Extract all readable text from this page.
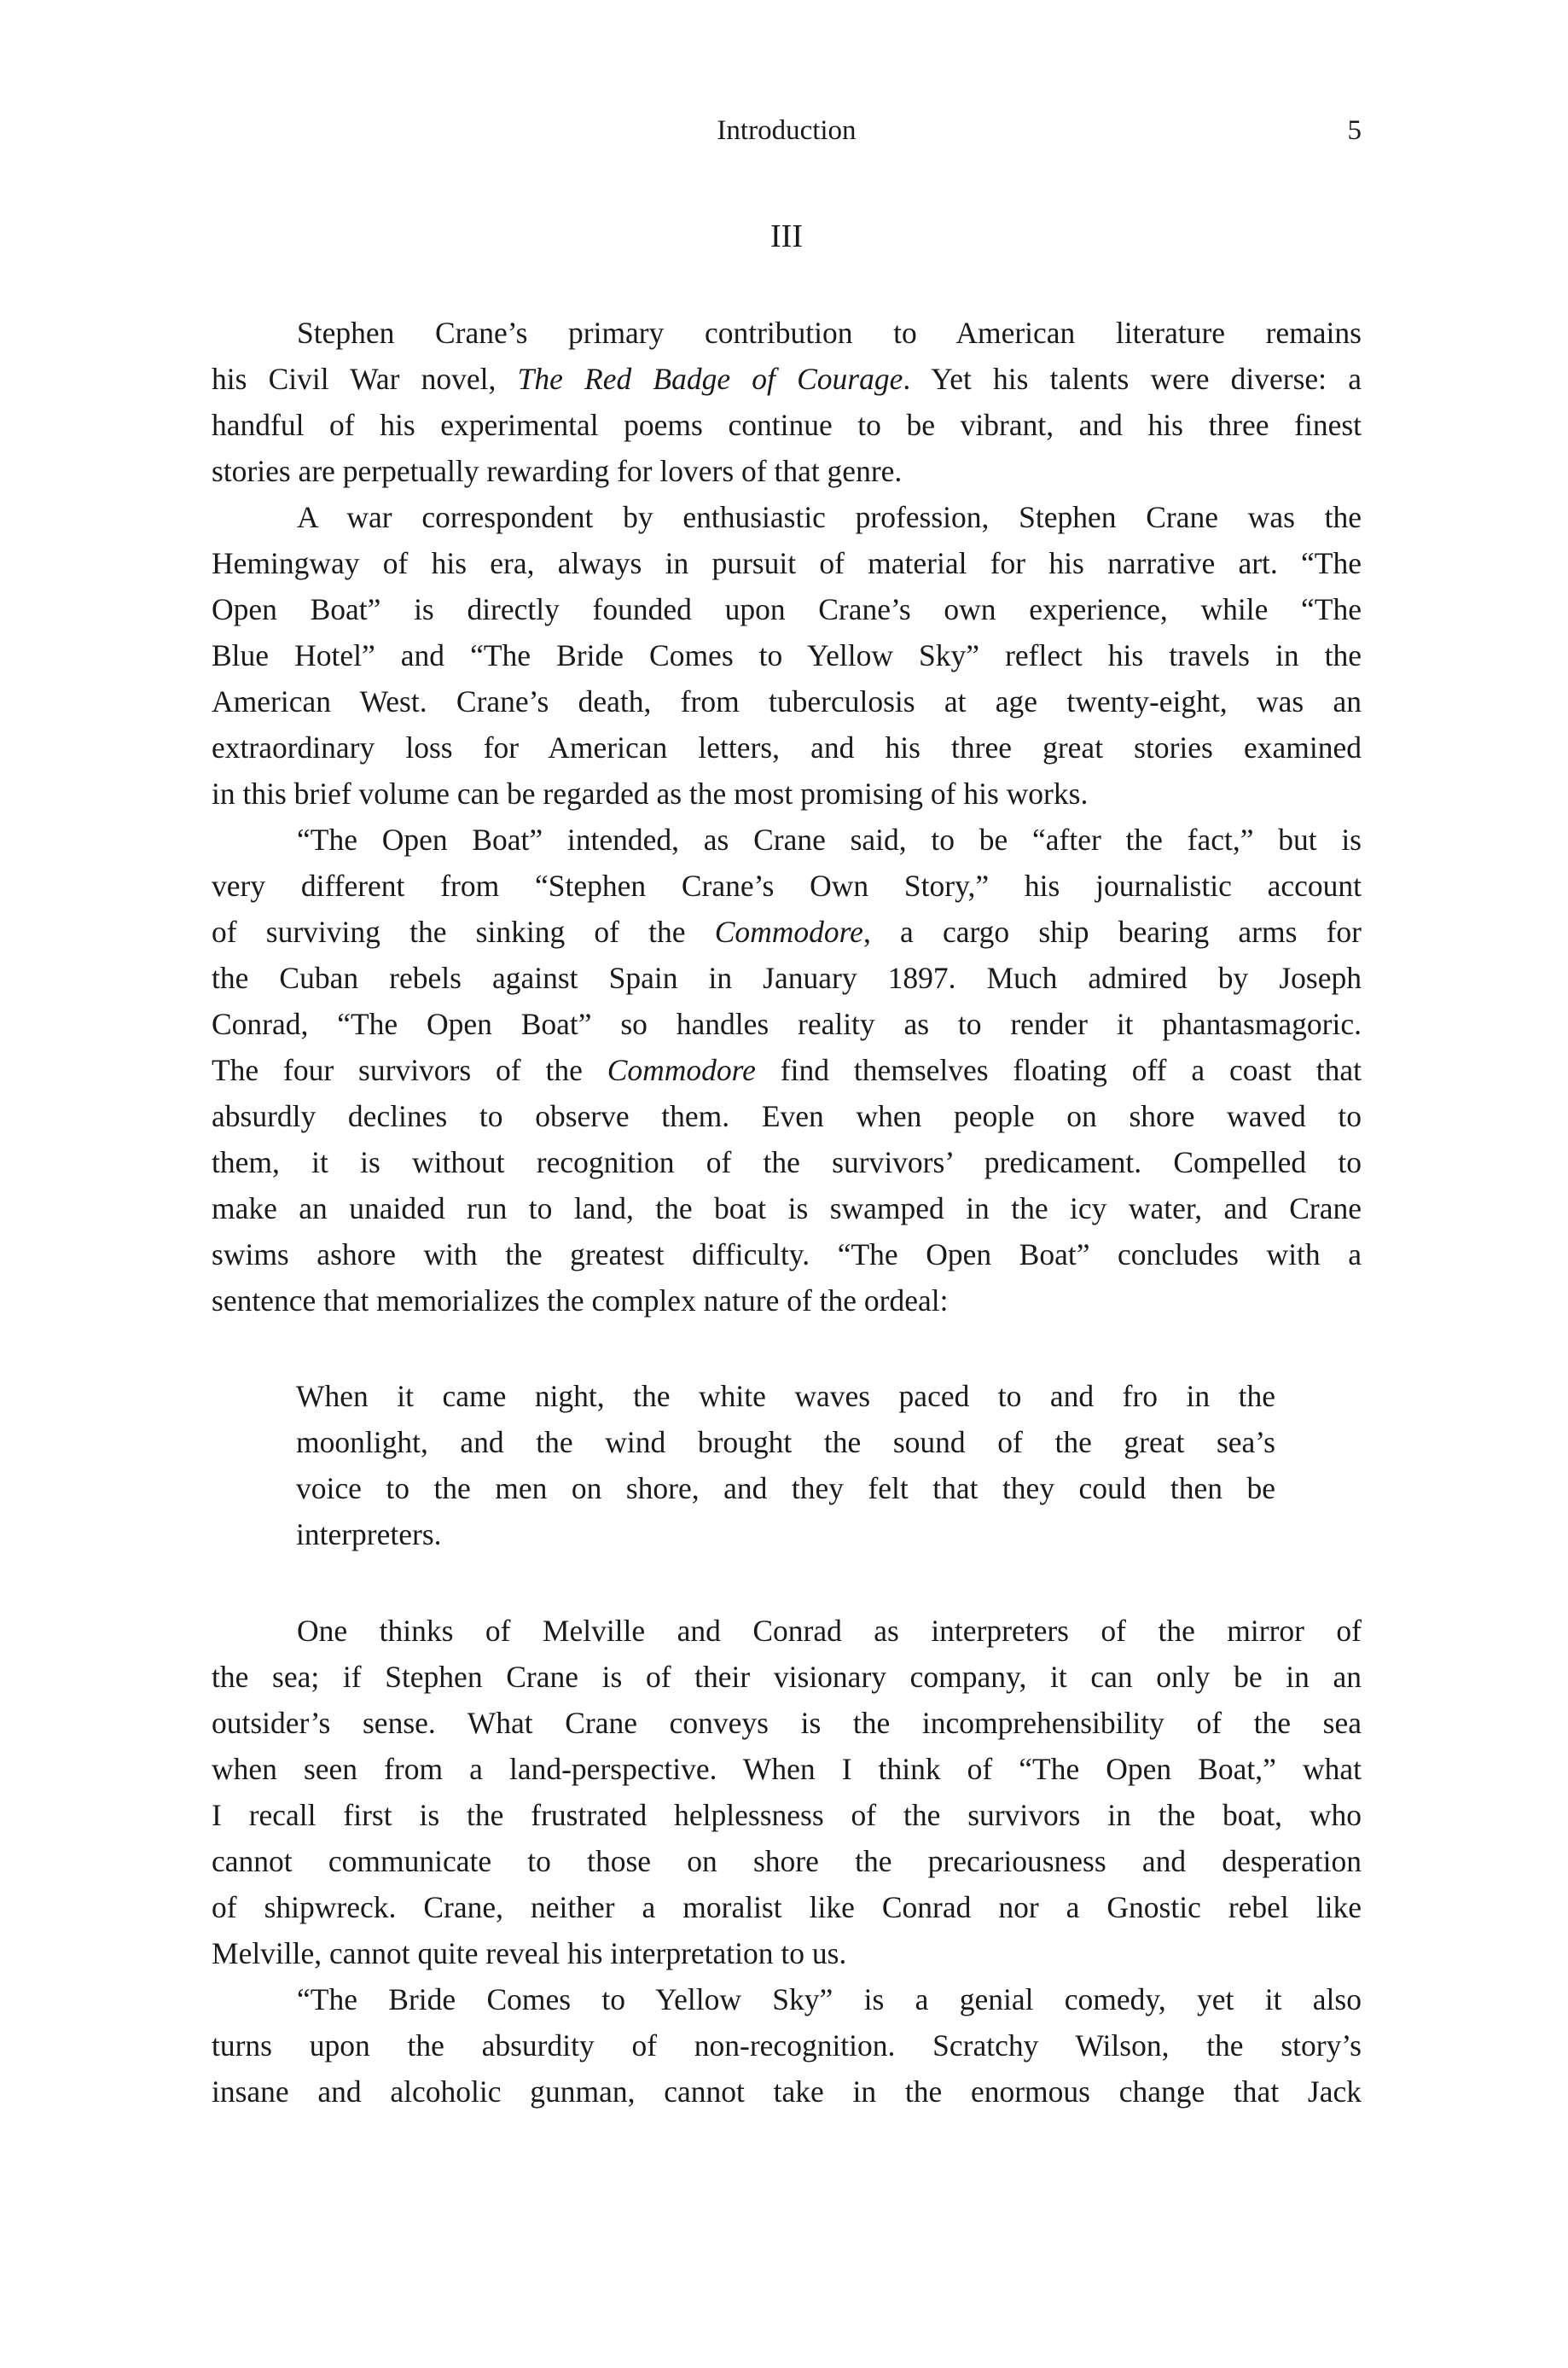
Introduction	5
III
Stephen Crane’s primary contribution to American literature remains
his Civil War novel, The Red Badge of Courage. Yet his talents were diverse: a
handful of his experimental poems continue to be vibrant, and his three finest
stories are perpetually rewarding for lovers of that genre.
A war correspondent by enthusiastic profession, Stephen Crane was the
Hemingway of his era, always in pursuit of material for his narrative art. “The
Open Boat” is directly founded upon Crane’s own experience, while “The
Blue Hotel” and “The Bride Comes to Yellow Sky” reflect his travels in the
American West. Crane’s death, from tuberculosis at age twenty-eight, was an
extraordinary loss for American letters, and his three great stories examined
in this brief volume can be regarded as the most promising of his works.
“The Open Boat” intended, as Crane said, to be “after the fact,” but is
very different from “Stephen Crane’s Own Story,” his journalistic account
of surviving the sinking of the Commodore, a cargo ship bearing arms for
the Cuban rebels against Spain in January 1897. Much admired by Joseph
Conrad, “The Open Boat” so handles reality as to render it phantasmagoric.
The four survivors of the Commodore find themselves floating off a coast that
absurdly declines to observe them. Even when people on shore waved to
them, it is without recognition of the survivors’ predicament. Compelled to
make an unaided run to land, the boat is swamped in the icy water, and Crane
swims ashore with the greatest difficulty. “The Open Boat” concludes with a
sentence that memorializes the complex nature of the ordeal:
When it came night, the white waves paced to and fro in the
moonlight, and the wind brought the sound of the great sea’s
voice to the men on shore, and they felt that they could then be
interpreters.
One thinks of Melville and Conrad as interpreters of the mirror of
the sea; if Stephen Crane is of their visionary company, it can only be in an
outsider’s sense. What Crane conveys is the incomprehensibility of the sea
when seen from a land-perspective. When I think of “The Open Boat,” what
I recall first is the frustrated helplessness of the survivors in the boat, who
cannot communicate to those on shore the precariousness and desperation
of shipwreck. Crane, neither a moralist like Conrad nor a Gnostic rebel like
Melville, cannot quite reveal his interpretation to us.
“The Bride Comes to Yellow Sky” is a genial comedy, yet it also
turns upon the absurdity of non-recognition. Scratchy Wilson, the story’s
insane and alcoholic gunman, cannot take in the enormous change that Jack
